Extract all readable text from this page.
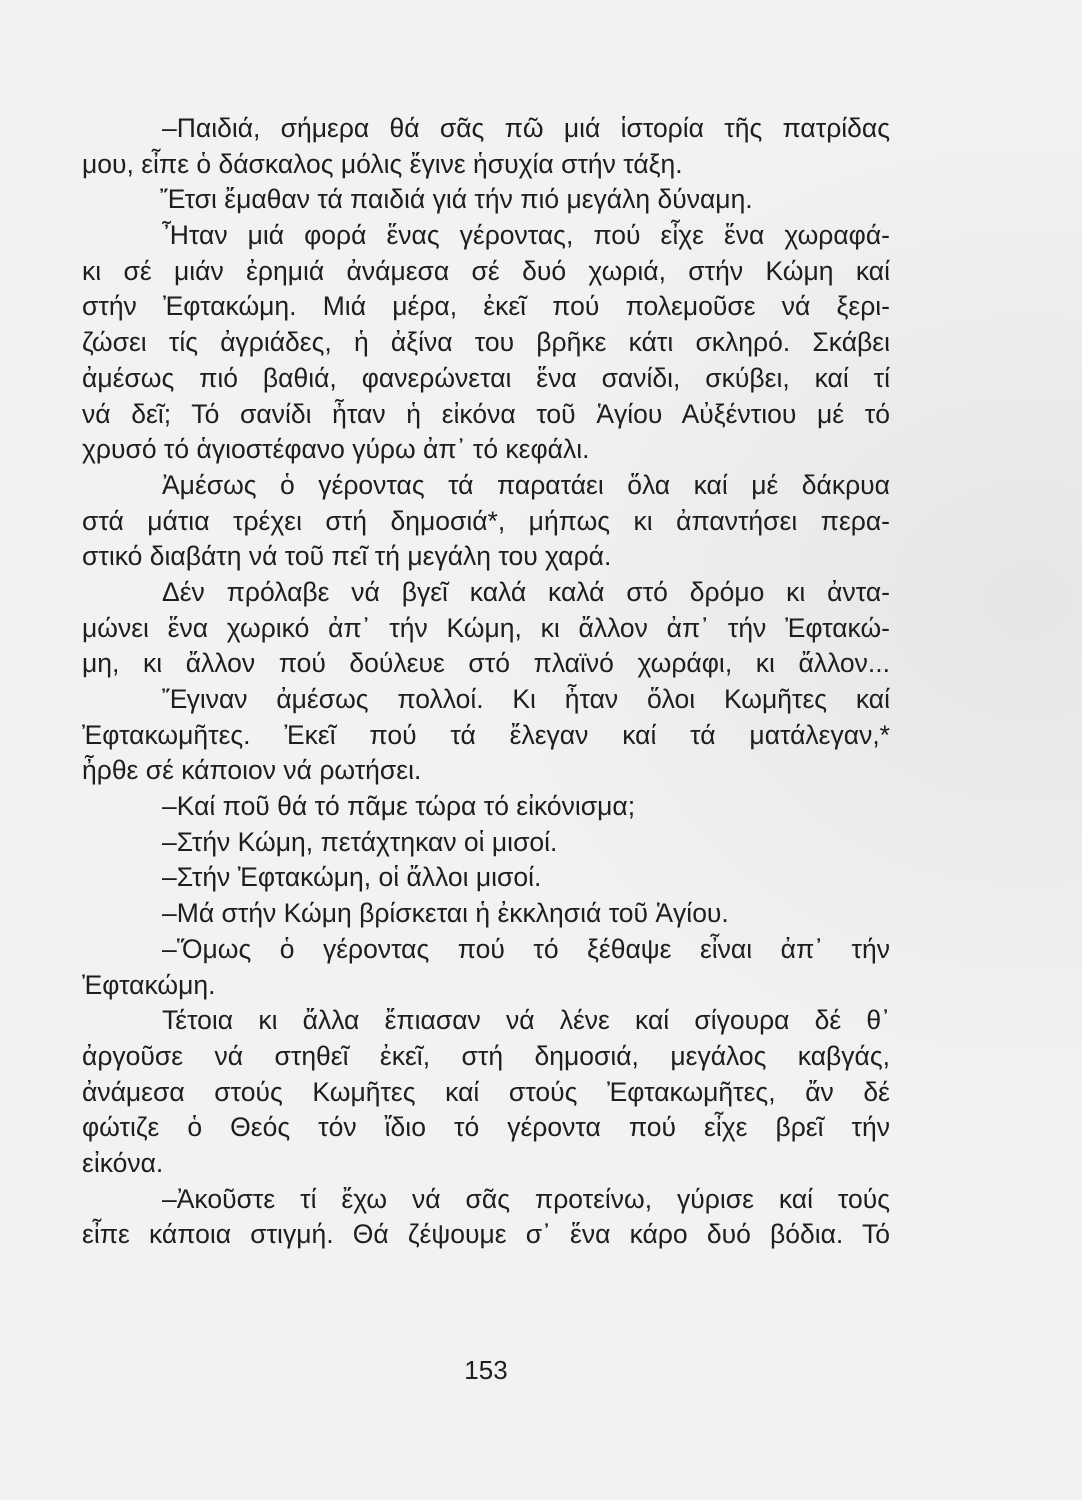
–Παιδιά, σήμερα θά σᾶς πῶ μιά ἱστορία τῆς πατρίδας
μου, εἶπε ὁ δάσκαλος μόλις ἔγινε ἡσυχία στήν τάξη.
Ἔτσι ἔμαθαν τά παιδιά γιά τήν πιό μεγάλη δύναμη.
Ἦταν μιά φορά ἕνας γέροντας, πού εἶχε ἕνα χωραφά-
κι σέ μιάν ἐρημιά ἀνάμεσα σέ δυό χωριά, στήν Κώμη καί
στήν Ἐφτακώμη. Μιά μέρα, ἐκεῖ πού πολεμοῦσε νά ξερι-
ζώσει τίς ἀγριάδες, ἡ ἀξίνα του βρῆκε κάτι σκληρό. Σκάβει
ἀμέσως πιό βαθιά, φανερώνεται ἕνα σανίδι, σκύβει, καί τί
νά δεῖ; Τό σανίδι ἦταν ἡ εἰκόνα τοῦ Ἁγίου Αὐξέντιου μέ τό
χρυσό τό ἁγιοστέφανο γύρω ἀπ᾿ τό κεφάλι.
Ἀμέσως ὁ γέροντας τά παρατάει ὅλα καί μέ δάκρυα
στά μάτια τρέχει στή δημοσιά*, μήπως κι ἀπαντήσει περα-
στικό διαβάτη νά τοῦ πεῖ τή μεγάλη του χαρά.
Δέν πρόλαβε νά βγεῖ καλά καλά στό δρόμο κι ἀντα-
μώνει ἕνα χωρικό ἀπ᾿ τήν Κώμη, κι ἄλλον ἀπ᾿ τήν Ἐφτακώ-
μη, κι ἄλλον πού δούλευε στό πλαϊνό χωράφι, κι ἄλλον...
Ἔγιναν ἀμέσως πολλοί. Κι ἦταν ὅλοι Κωμῆτες καί
Ἐφτακωμῆτες. Ἐκεῖ πού τά ἔλεγαν καί τά ματάλεγαν,*
ἦρθε σέ κάποιον νά ρωτήσει.
–Καί ποῦ θά τό πᾶμε τώρα τό εἰκόνισμα;
–Στήν Κώμη, πετάχτηκαν οἱ μισοί.
–Στήν Ἐφτακώμη, οἱ ἄλλοι μισοί.
–Μά στήν Κώμη βρίσκεται ἡ ἐκκλησιά τοῦ Ἁγίου.
–Ὅμως ὁ γέροντας πού τό ξέθαψε εἶναι ἀπ᾿ τήν
Ἐφτακώμη.
Τέτοια κι ἄλλα ἔπιασαν νά λένε καί σίγουρα δέ θ᾿
ἀργοῦσε νά στηθεῖ ἐκεῖ, στή δημοσιά, μεγάλος καβγάς,
ἀνάμεσα στούς Κωμῆτες καί στούς Ἐφτακωμῆτες, ἄν δέ
φώτιζε ὁ Θεός τόν ἴδιο τό γέροντα πού εἶχε βρεῖ τήν
εἰκόνα.
–Ἀκοῦστε τί ἔχω νά σᾶς προτείνω, γύρισε καί τούς
εἶπε κάποια στιγμή. Θά ζέψουμε σ᾿ ἕνα κάρο δυό βόδια. Τό
153
